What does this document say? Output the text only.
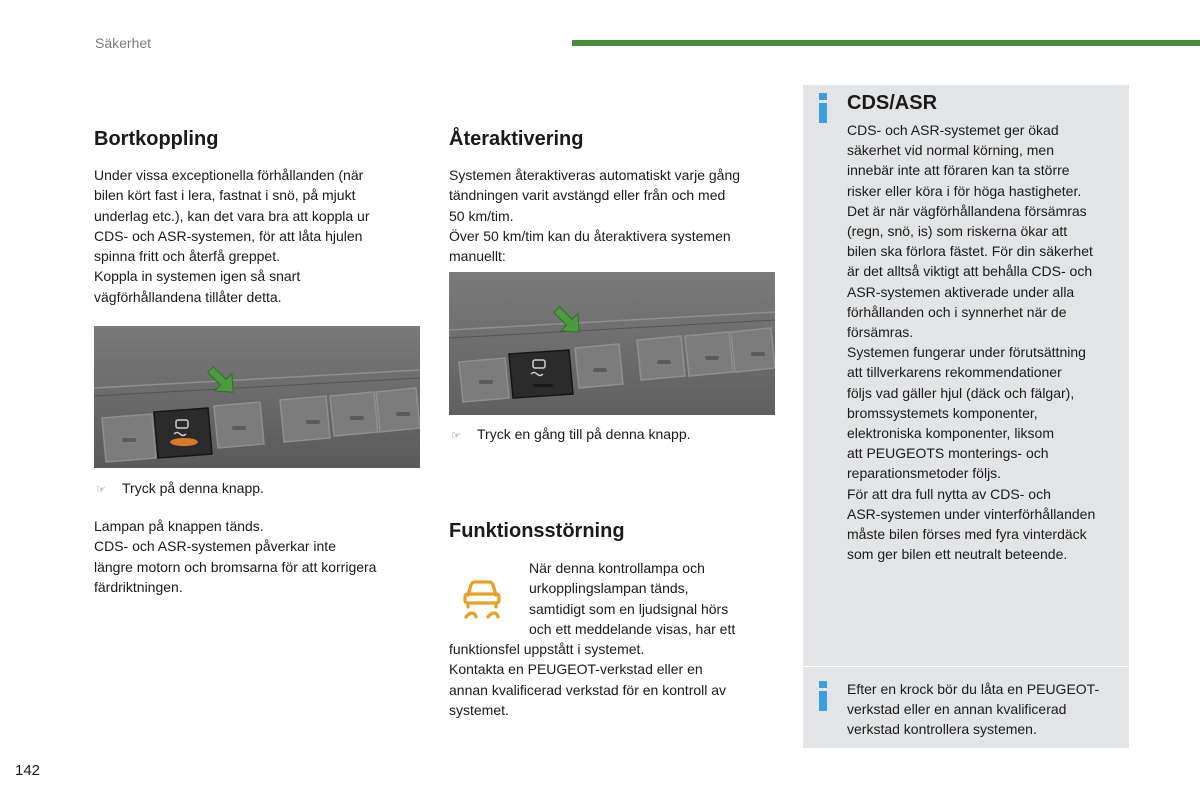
Säkerhet
Bortkoppling

Under vissa exceptionella förhållanden (när

bilen kört fast i lera, fastnat i snö, på mjukt

underlag etc.), kan det vara bra att koppla ur

CDS- och ASR-systemen, för att låta hjulen

spinna fritt och återfå greppet.

Koppla in systemen igen så snart

vägförhållandena tillåter detta.

☞ Tryck på denna knapp.

Lampan på knappen tänds.

CDS- och ASR-systemen påverkar inte

längre motorn och bromsarna för att korrigera

färdriktningen.

Återaktivering

Systemen återaktiveras automatiskt varje gång

tändningen varit avstängd eller från och med

50 km/tim.

Över 50 km/tim kan du återaktivera systemen

manuellt:

☞ Tryck en gång till på denna knapp.
Funktionsstörning

När denna kontrollampa och

urkopplingslampan tänds,

samtidigt som en ljudsignal hörs

och ett meddelande visas, har ett

funktionsfel uppstått i systemet.

Kontakta en PEUGEOT-verkstad eller en

annan kvalificerad verkstad för en kontroll av

systemet.

CDS/ASR

CDS- och ASR-systemet ger ökad

säkerhet vid normal körning, men

innebär inte att föraren kan ta större

risker eller köra i för höga hastigheter.

Det är när vägförhållandena försämras

(regn, snö, is) som riskerna ökar att

bilen ska förlora fästet. För din säkerhet

är det alltså viktigt att behålla CDS- och

ASR-systemen aktiverade under alla

förhållanden och i synnerhet när de

försämras.

Systemen fungerar under förutsättning

att tillverkarens rekommendationer

följs vad gäller hjul (däck och fälgar),

bromssystemets komponenter,

elektroniska komponenter, liksom

att PEUGEOTS monterings- och

reparationsmetoder följs.

För att dra full nytta av CDS- och

ASR-systemen under vinterförhållanden

måste bilen förses med fyra vinterdäck

som ger bilen ett neutralt beteende.

Efter en krock bör du låta en PEUGEOT-

verkstad eller en annan kvalificerad

verkstad kontrollera systemen.

142
